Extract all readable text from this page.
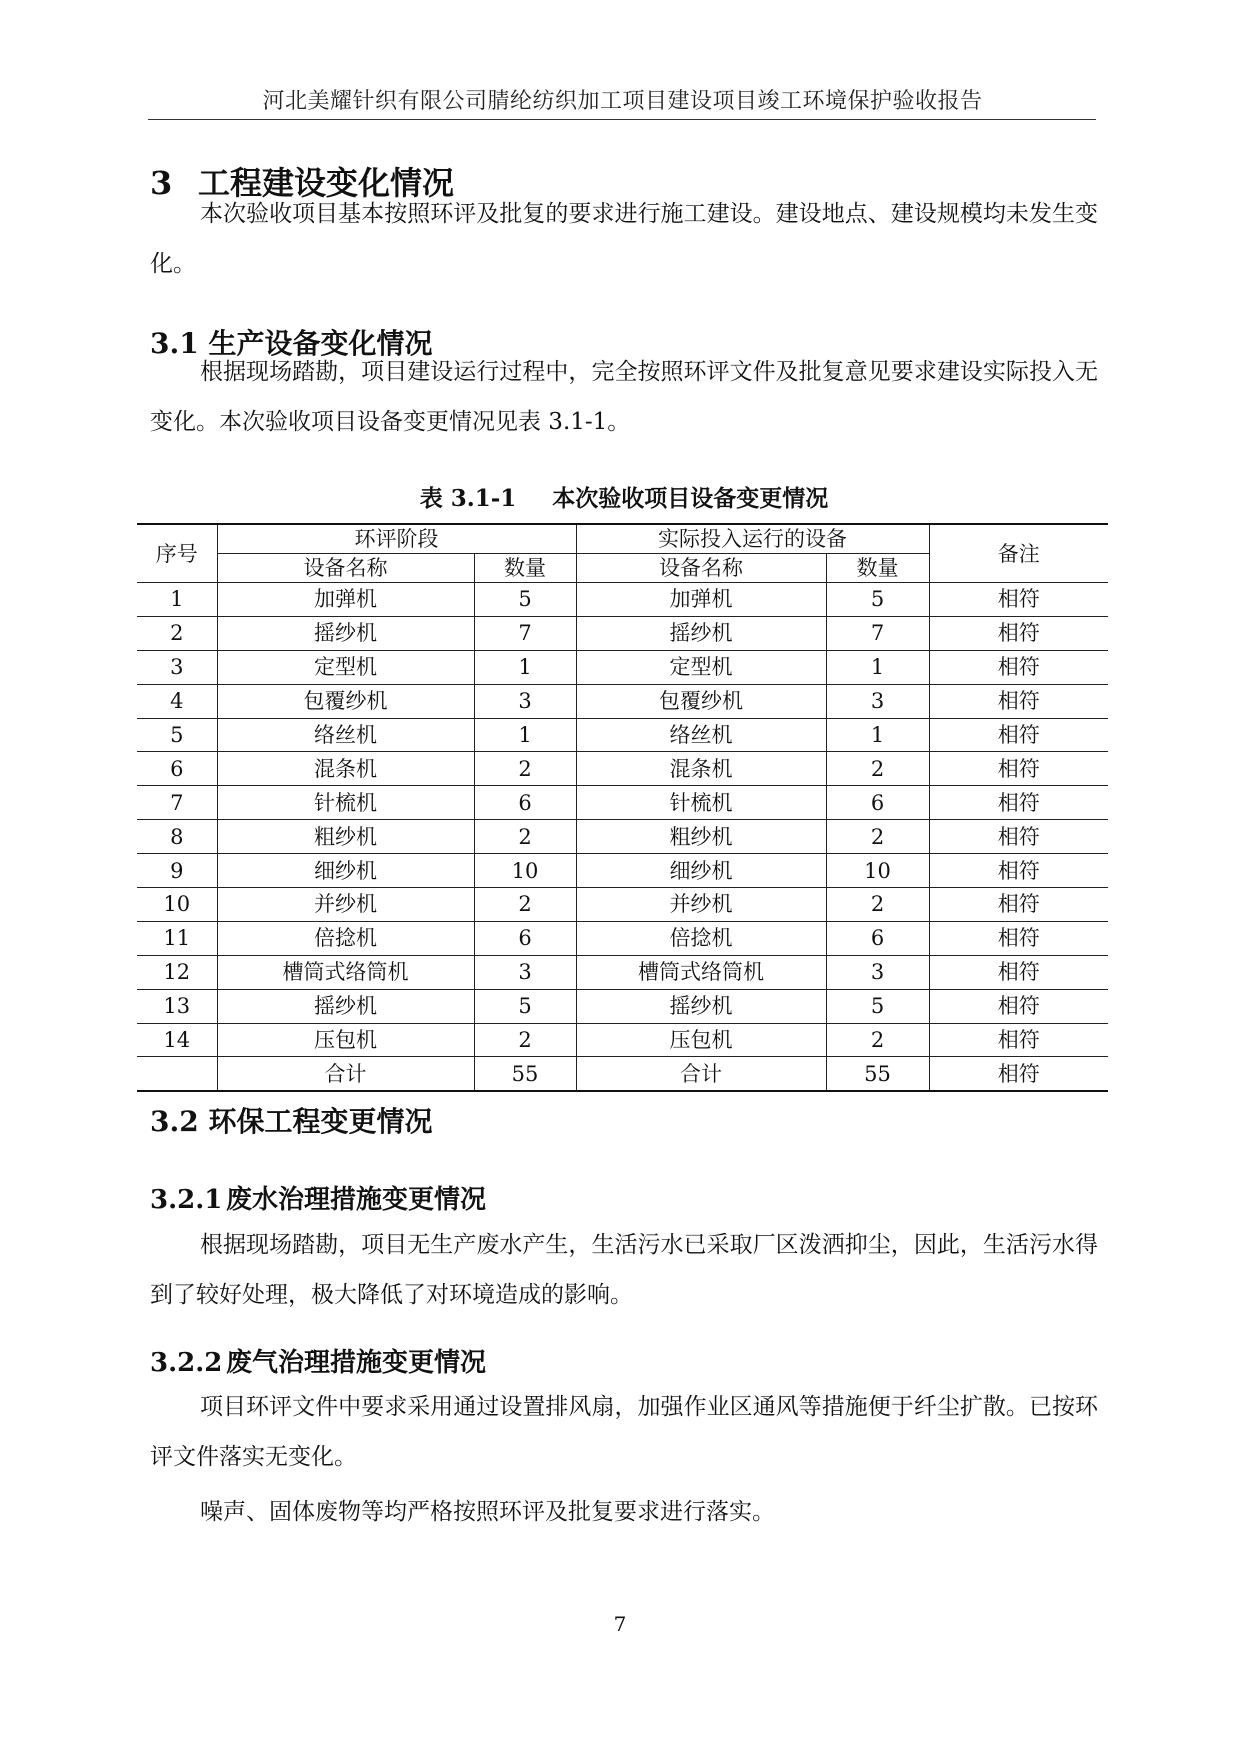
河北美耀针织有限公司腈纶纺织加工项目建设项目竣工环境保护验收报告
3 工程建设变化情况
本次验收项目基本按照环评及批复的要求进行施工建设。建设地点、建设规模均未发生变化。
3.1 生产设备变化情况
根据现场踏勘，项目建设运行过程中，完全按照环评文件及批复意见要求建设实际投入无变化。本次验收项目设备变更情况见表 3.1-1。
表 3.1-1 本次验收项目设备变更情况
序号	环评阶段		实际投入运行的设备		备注
	设备名称	数量	设备名称	数量	
1	加弹机	5	加弹机	5	相符
2	摇纱机	7	摇纱机	7	相符
3	定型机	1	定型机	1	相符
4	包覆纱机	3	包覆纱机	3	相符
5	络丝机	1	络丝机	1	相符
6	混条机	2	混条机	2	相符
7	针梳机	6	针梳机	6	相符
8	粗纱机	2	粗纱机	2	相符
9	细纱机	10	细纱机	10	相符
10	并纱机	2	并纱机	2	相符
11	倍捻机	6	倍捻机	6	相符
12	槽筒式络筒机	3	槽筒式络筒机	3	相符
13	摇纱机	5	摇纱机	5	相符
14	压包机	2	压包机	2	相符
	合计	55	合计	55	相符
3.2 环保工程变更情况
3.2.1 废水治理措施变更情况
根据现场踏勘，项目无生产废水产生，生活污水已采取厂区泼洒抑尘，因此，生活污水得到了较好处理，极大降低了对环境造成的影响。
3.2.2 废气治理措施变更情况
项目环评文件中要求采用通过设置排风扇，加强作业区通风等措施便于纤尘扩散。已按环评文件落实无变化。
噪声、固体废物等均严格按照环评及批复要求进行落实。
7
